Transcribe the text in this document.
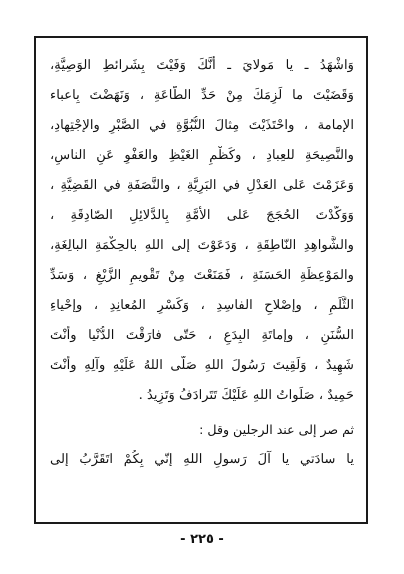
وَاشْهَدُ ـ يا مَولايَ ـ أنَّكَ وَفَيْتَ بِشَرائطِ الوَصِيَّةِ،
وَقَضَيْتَ ما لَزِمَكَ مِنْ حَدِّ الطّاعَةِ ، وَنَهَضْتَ بِاعباء
الإمامة ، واحْتَذَيْتَ مِثالَ النُّبُوَّةِ في الصَّبْرِ والإجْتِهادِ،
والنَّصِيحَةِ للعِبادِ ، وكَظْمِ الغَيْظِ والعَفْوِ عَنِ الناسِ،
وَعَزَمْتَ عَلى العَدْلِ في البَرِيَّةِ ، والنَّصَفَةِ في القَضِيَّةِ ،
وَوَكَّدْتَ الحُجَجَ عَلى الأُمَّةِ بِالدَّلائِلِ الصّادِقَةِ ،
والشَّواهِدِ النّاطِقَةِ ، وَدَعَوْتَ إلى اللهِ بالحِكْمَةِ البالِغَةِ،
والمَوْعِظَةِ الحَسَنَةِ ، فَمَنَعْتَ مِنْ تَقْويمِ الزَّيْغِ ، وَسَدِّ
الثَّلَمِ ، وإصْلاحِ الفاسِدِ ، وَكَسْرِ المُعانِدِ ، وإحْياءِ
السُّنَنِ ، وإماتَةِ البِدَعِ ، حَتّى فارَقْتَ الدُّنْيا وأنْتَ
شَهِيدٌ ، وَلَقِيتَ رَسُولَ اللهِ صَلَّى اللهُ عَلَيْهِ وآلِهِ وأنْتَ
حَمِيدٌ ، صَلَواتُ اللهِ عَلَيْكَ تَتَرادَفُ وَتَزِيدُ .
ثم صر إلى عند الرجلين وقل :
يا سادَتي يا آلَ رَسولِ اللهِ إنّي بِكُمْ اتَقَرَّبُ إلى
- ٢٢٥ -
